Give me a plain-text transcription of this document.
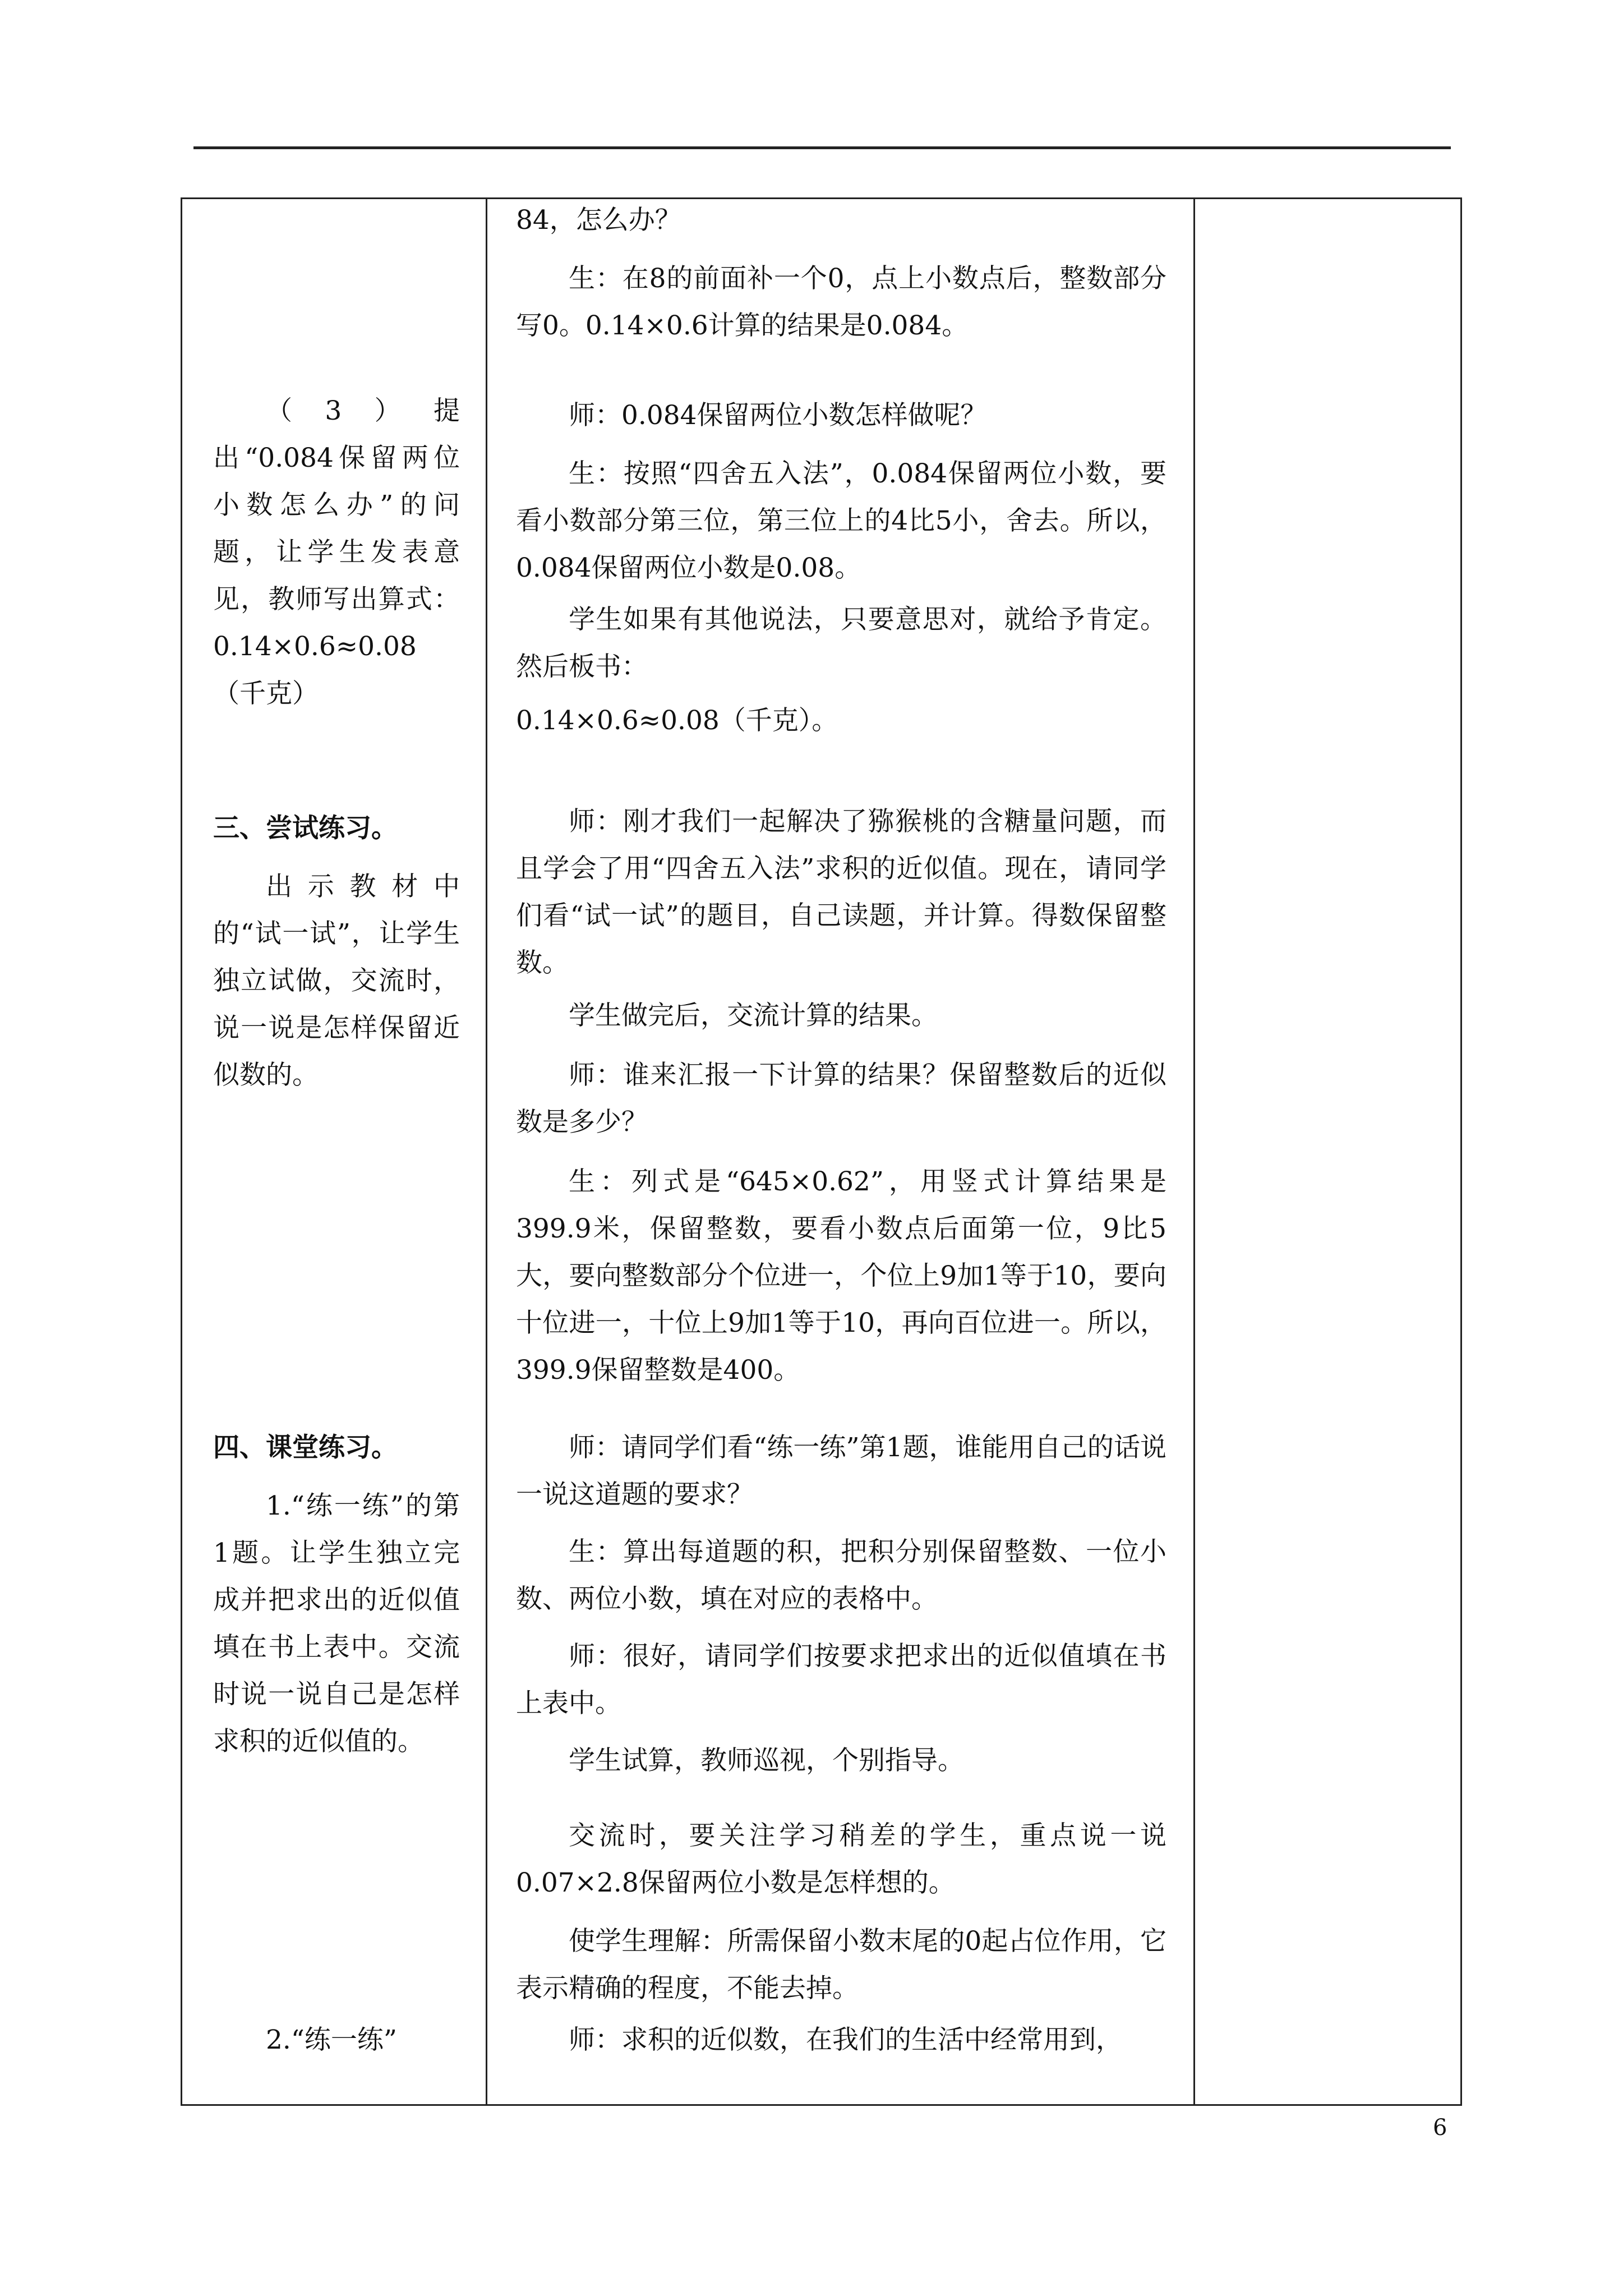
（3）提出“0.084保留两位小数怎么办”的问题，让学生发表意见，教师写出算式：0.14×0.6≈0.08（千克）

三、尝试练习。

出示教材中的“试一试”，让学生独立试做，交流时，说一说是怎样保留近似数的。

四、课堂练习。

1.“练一练”的第1题。让学生独立完成并把求出的近似值填在书上表中。交流时说一说自己是怎样求积的近似值的。

2.“练一练”

84，怎么办？

生：在8的前面补一个0，点上小数点后，整数部分写0。0.14×0.6计算的结果是0.084。

师：0.084保留两位小数怎样做呢？

生：按照“四舍五入法”，0.084保留两位小数，要看小数部分第三位，第三位上的4比5小，舍去。所以，0.084保留两位小数是0.08。

学生如果有其他说法，只要意思对，就给予肯定。然后板书：

0.14×0.6≈0.08（千克）。

师：刚才我们一起解决了猕猴桃的含糖量问题，而且学会了用“四舍五入法”求积的近似值。现在，请同学们看“试一试”的题目，自己读题，并计算。得数保留整数。

学生做完后，交流计算的结果。

师：谁来汇报一下计算的结果？保留整数后的近似数是多少？

生：列式是“645×0.62”，用竖式计算结果是399.9米，保留整数，要看小数点后面第一位，9比5大，要向整数部分个位进一，个位上9加1等于10，要向十位进一，十位上9加1等于10，再向百位进一。所以，399.9保留整数是400。

师：请同学们看“练一练”第1题，谁能用自己的话说一说这道题的要求？

生：算出每道题的积，把积分别保留整数、一位小数、两位小数，填在对应的表格中。

师：很好，请同学们按要求把求出的近似值填在书上表中。

学生试算，教师巡视，个别指导。

交流时，要关注学习稍差的学生，重点说一说0.07×2.8保留两位小数是怎样想的。

使学生理解：所需保留小数末尾的0起占位作用，它表示精确的程度，不能去掉。

师：求积的近似数，在我们的生活中经常用到，

6
